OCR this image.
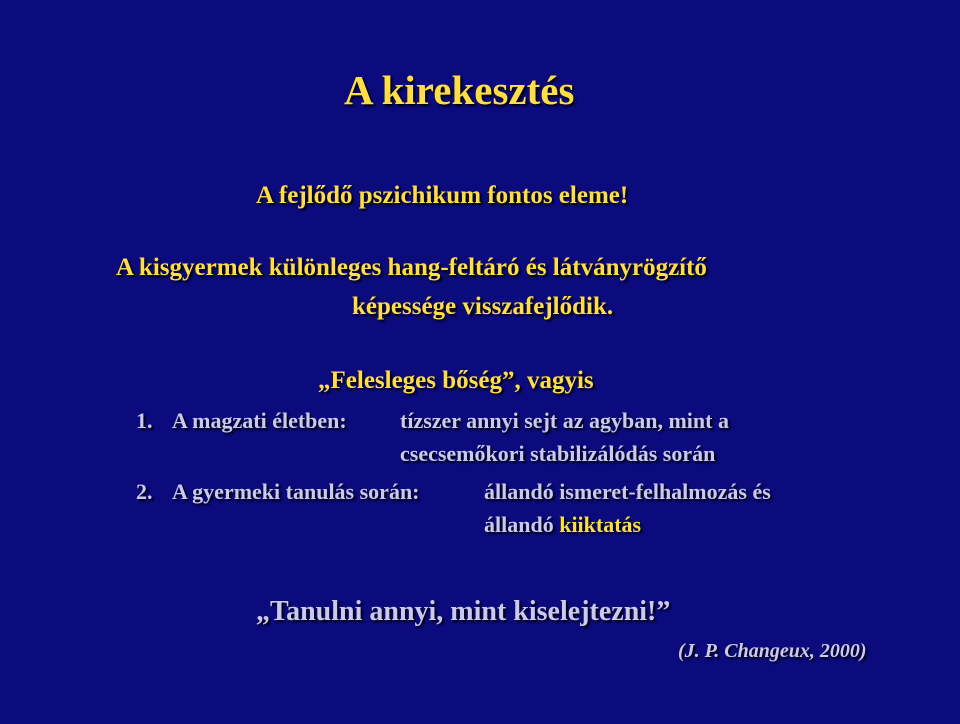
A kirekesztés
A fejlődő pszichikum fontos eleme!
A kisgyermek különleges hang-feltáró és látványrögzítő
képessége visszafejlődik.
„Felesleges bőség”, vagyis
1. A magzati életben: tízszer annyi sejt az agyban, mint a
csecsemőkori stabilizálódás során
2. A gyermeki tanulás során:	állandó ismeret-felhalmozás és
állandó kiiktatás
„Tanulni annyi, mint kiselejtezni!”
(J. P. Changeux, 2000)
